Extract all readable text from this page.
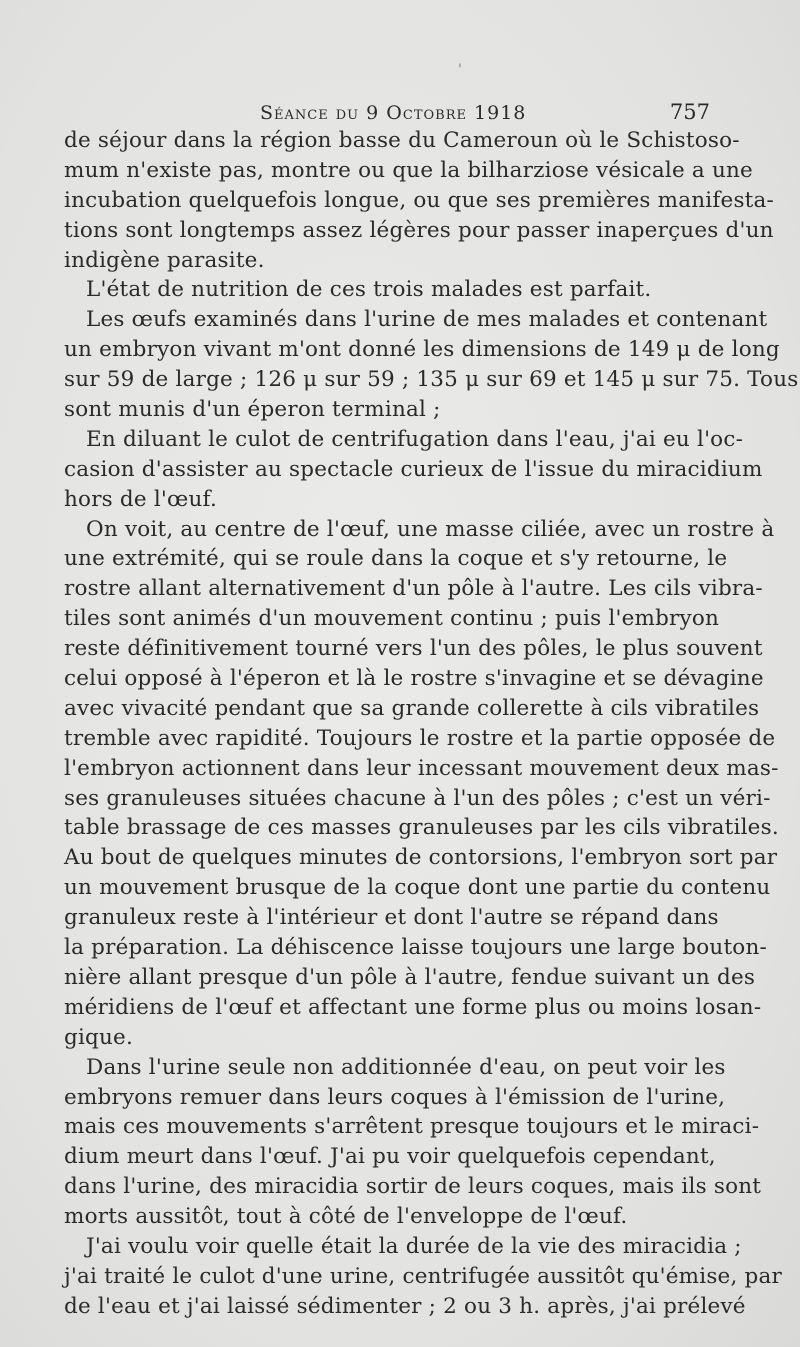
'
Séance du 9 Octobre 1918	757
de séjour dans la région basse du Cameroun où le Schistoso-
mum n'existe pas, montre ou que la bilharziose vésicale a une
incubation quelquefois longue, ou que ses premières manifesta-
tions sont longtemps assez légères pour passer inaperçues d'un
indigène parasite.
L'état de nutrition de ces trois malades est parfait.
Les œufs examinés dans l'urine de mes malades et contenant
un embryon vivant m'ont donné les dimensions de 149 μ de long
sur 59 de large ; 126 μ sur 59 ; 135 μ sur 69 et 145 μ sur 75. Tous
sont munis d'un éperon terminal ;
En diluant le culot de centrifugation dans l'eau, j'ai eu l'oc-
casion d'assister au spectacle curieux de l'issue du miracidium
hors de l'œuf.
On voit, au centre de l'œuf, une masse ciliée, avec un rostre à
une extrémité, qui se roule dans la coque et s'y retourne, le
rostre allant alternativement d'un pôle à l'autre. Les cils vibra-
tiles sont animés d'un mouvement continu ; puis l'embryon
reste définitivement tourné vers l'un des pôles, le plus souvent
celui opposé à l'éperon et là le rostre s'invagine et se dévagine
avec vivacité pendant que sa grande collerette à cils vibratiles
tremble avec rapidité. Toujours le rostre et la partie opposée de
l'embryon actionnent dans leur incessant mouvement deux mas-
ses granuleuses situées chacune à l'un des pôles ; c'est un véri-
table brassage de ces masses granuleuses par les cils vibratiles.
Au bout de quelques minutes de contorsions, l'embryon sort par
un mouvement brusque de la coque dont une partie du contenu
granuleux reste à l'intérieur et dont l'autre se répand dans
la préparation. La déhiscence laisse toujours une large bouton-
nière allant presque d'un pôle à l'autre, fendue suivant un des
méridiens de l'œuf et affectant une forme plus ou moins losan-
gique.
Dans l'urine seule non additionnée d'eau, on peut voir les
embryons remuer dans leurs coques à l'émission de l'urine,
mais ces mouvements s'arrêtent presque toujours et le miraci-
dium meurt dans l'œuf. J'ai pu voir quelquefois cependant,
dans l'urine, des miracidia sortir de leurs coques, mais ils sont
morts aussitôt, tout à côté de l'enveloppe de l'œuf.
J'ai voulu voir quelle était la durée de la vie des miracidia ;
j'ai traité le culot d'une urine, centrifugée aussitôt qu'émise, par
de l'eau et j'ai laissé sédimenter ; 2 ou 3 h. après, j'ai prélevé
